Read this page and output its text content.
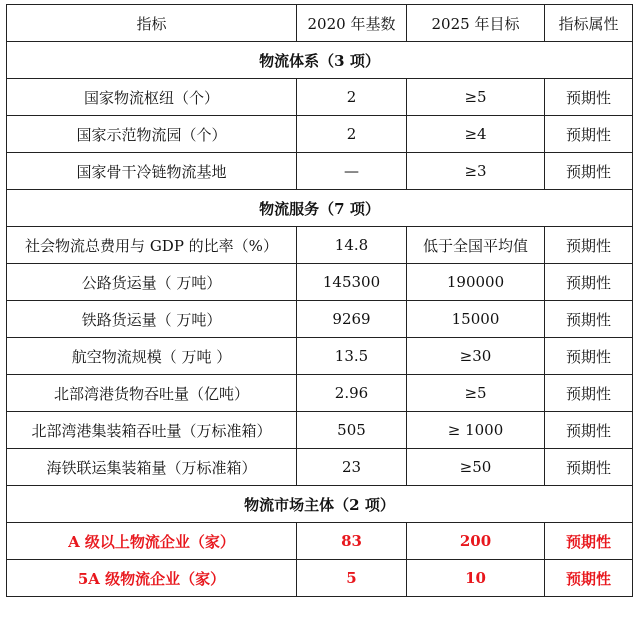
指标	2020 年基数	2025 年目标	指标属性
物流体系（3 项）			
国家物流枢纽（个）	2	≥5	预期性
国家示范物流园（个）	2	≥4	预期性
国家骨干冷链物流基地	—	≥3	预期性
物流服务（7 项）			
社会物流总费用与 GDP 的比率（%）	14.8	低于全国平均值	预期性
公路货运量（ 万吨）	145300	190000	预期性
铁路货运量（ 万吨）	9269	15000	预期性
航空物流规模（ 万吨 ）	13.5	≥30	预期性
北部湾港货物吞吐量（亿吨）	2.96	≥5	预期性
北部湾港集装箱吞吐量（万标准箱）	505	≥ 1000	预期性
海铁联运集装箱量（万标准箱）	23	≥50	预期性
物流市场主体（2 项）			
A 级以上物流企业（家）	83	200	预期性
5A 级物流企业（家）	5	10	预期性
